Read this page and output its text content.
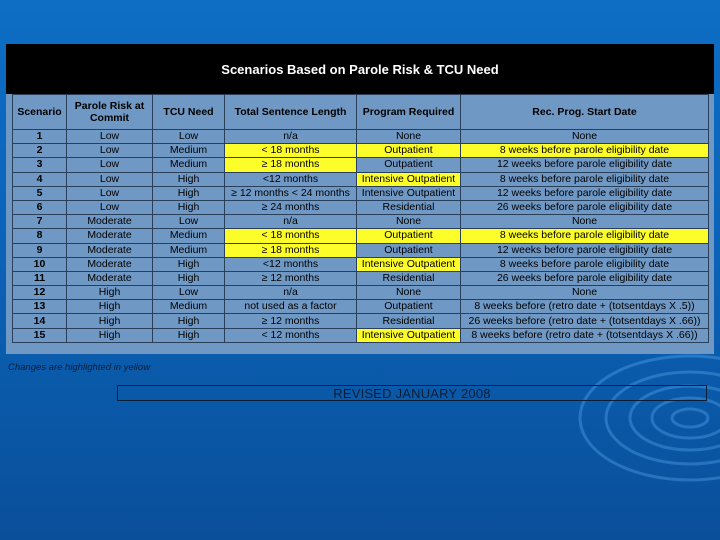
Scenarios Based on Parole Risk & TCU Need
Scenario	Parole Risk at Commit	TCU Need	Total Sentence Length	Program Required	Rec. Prog. Start Date
1	Low	Low	n/a	None	None
2	Low	Medium	< 18 months	Outpatient	8 weeks before parole eligibility date
3	Low	Medium	≥ 18 months	Outpatient	12 weeks before parole eligibility date
4	Low	High	<12 months	Intensive Outpatient	8 weeks before parole eligibility date
5	Low	High	≥ 12 months < 24 months	Intensive Outpatient	12 weeks before parole eligibility date
6	Low	High	≥ 24 months	Residential	26 weeks before parole eligibility date
7	Moderate	Low	n/a	None	None
8	Moderate	Medium	< 18 months	Outpatient	8 weeks before parole eligibility date
9	Moderate	Medium	≥ 18 months	Outpatient	12 weeks before parole eligibility date
10	Moderate	High	<12 months	Intensive Outpatient	8 weeks before parole eligibility date
11	Moderate	High	≥ 12 months	Residential	26 weeks before parole eligibility date
12	High	Low	n/a	None	None
13	High	Medium	not used as a factor	Outpatient	8 weeks before (retro date + (totsentdays X .5))
14	High	High	≥ 12 months	Residential	26 weeks before (retro date + (totsentdays X .66))
15	High	High	< 12 months	Intensive Outpatient	8 weeks before (retro date + (totsentdays X .66))
Changes are highlighted in yellow
REVISED JANUARY 2008
